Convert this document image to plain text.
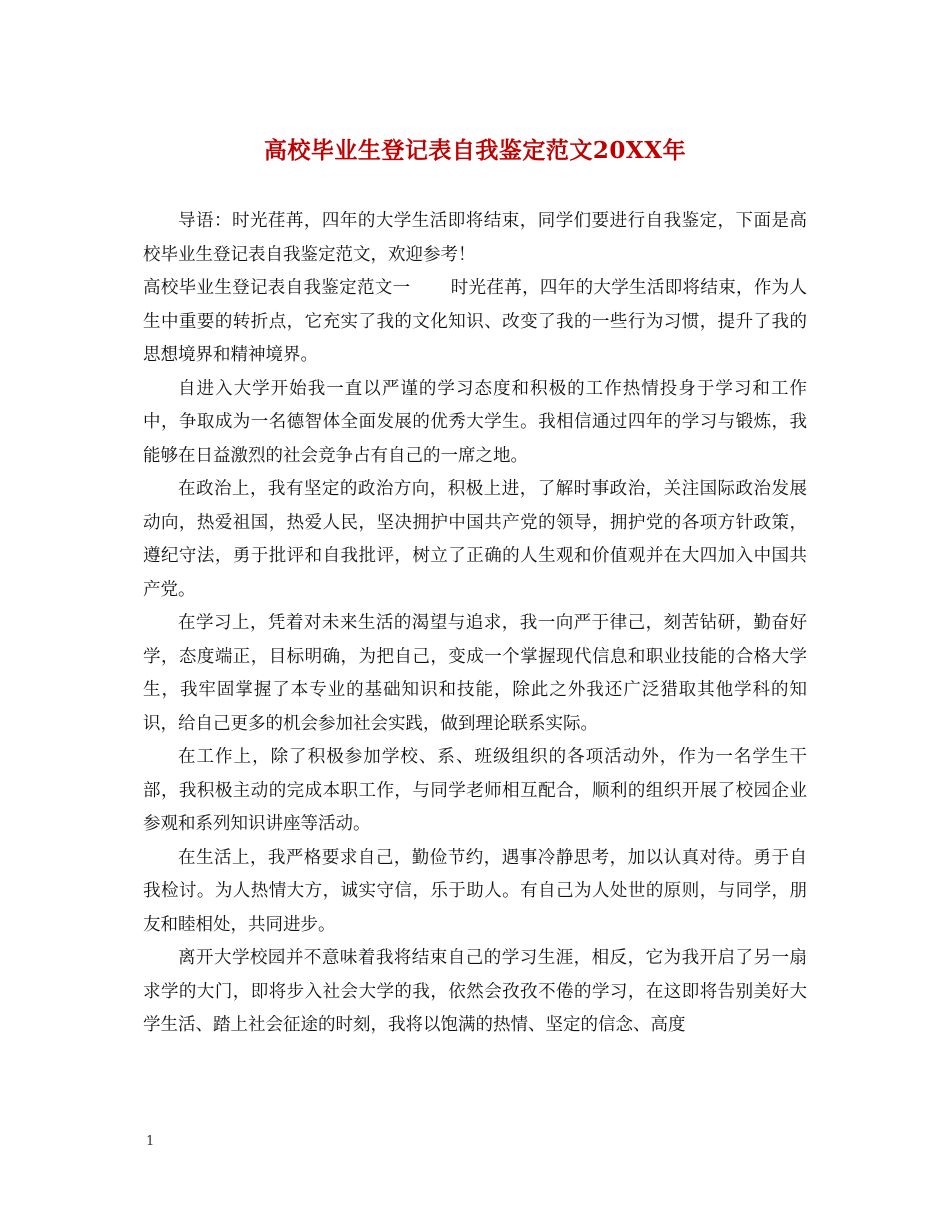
高校毕业生登记表自我鉴定范文20XX年

导语：时光荏苒，四年的大学生活即将结束，同学们要进行自我鉴定，下面是高校毕业生登记表自我鉴定范文，欢迎参考！

高校毕业生登记表自我鉴定范文一 时光荏苒，四年的大学生活即将结束，作为人生中重要的转折点，它充实了我的文化知识、改变了我的一些行为习惯，提升了我的思想境界和精神境界。

自进入大学开始我一直以严谨的学习态度和积极的工作热情投身于学习和工作中，争取成为一名德智体全面发展的优秀大学生。我相信通过四年的学习与锻炼，我能够在日益激烈的社会竞争占有自己的一席之地。

在政治上，我有坚定的政治方向，积极上进，了解时事政治，关注国际政治发展动向，热爱祖国，热爱人民，坚决拥护中国共产党的领导，拥护党的各项方针政策，遵纪守法，勇于批评和自我批评，树立了正确的人生观和价值观并在大四加入中国共产党。

在学习上，凭着对未来生活的渴望与追求，我一向严于律己，刻苦钻研，勤奋好学，态度端正，目标明确，为把自己，变成一个掌握现代信息和职业技能的合格大学生，我牢固掌握了本专业的基础知识和技能，除此之外我还广泛猎取其他学科的知识，给自己更多的机会参加社会实践，做到理论联系实际。

在工作上，除了积极参加学校、系、班级组织的各项活动外，作为一名学生干部，我积极主动的完成本职工作，与同学老师相互配合，顺利的组织开展了校园企业参观和系列知识讲座等活动。

在生活上，我严格要求自己，勤俭节约，遇事冷静思考，加以认真对待。勇于自我检讨。为人热情大方，诚实守信，乐于助人。有自己为人处世的原则，与同学，朋友和睦相处，共同进步。

离开大学校园并不意味着我将结束自己的学习生涯，相反，它为我开启了另一扇求学的大门，即将步入社会大学的我，依然会孜孜不倦的学习，在这即将告别美好大学生活、踏上社会征途的时刻，我将以饱满的热情、坚定的信念、高度

1
